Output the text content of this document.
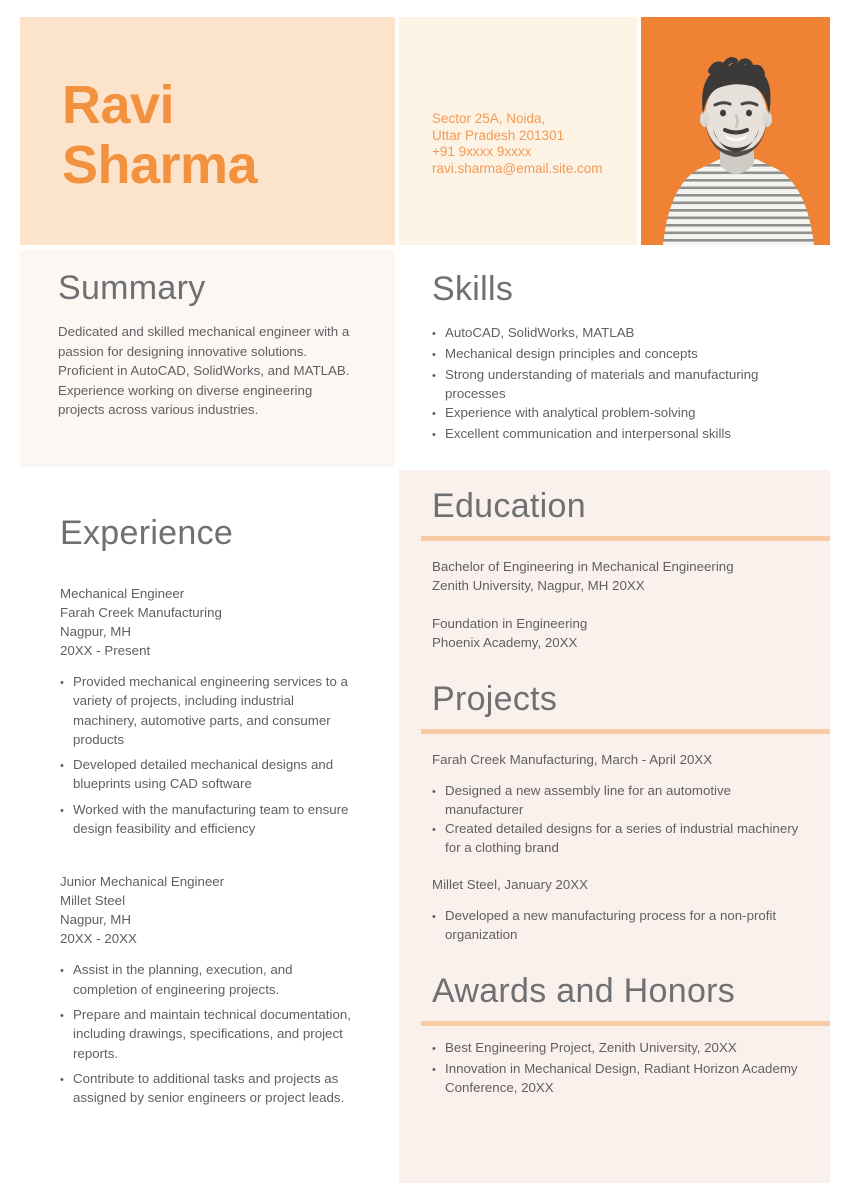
Ravi
Sharma
Sector 25A, Noida,
Uttar Pradesh 201301
+91 9xxxx 9xxxx
ravi.sharma@email.site.com
Summary

Dedicated and skilled mechanical engineer with a passion for designing innovative solutions. Proficient in AutoCAD, SolidWorks, and MATLAB. Experience working on diverse engineering projects across various industries.

Skills
•
AutoCAD, SolidWorks, MATLAB
•
Mechanical design principles and concepts
•
Strong understanding of materials and manufacturing processes
•
Experience with analytical problem-solving
•
Excellent communication and interpersonal skills
Experience
Mechanical Engineer
Farah Creek Manufacturing
Nagpur, MH
20XX - Present
•
Provided mechanical engineering services to a variety of projects, including industrial machinery, automotive parts, and consumer products
•
Developed detailed mechanical designs and blueprints using CAD software
•
Worked with the manufacturing team to ensure design feasibility and efficiency
Junior Mechanical Engineer
Millet Steel
Nagpur, MH
20XX - 20XX
•
Assist in the planning, execution, and completion of engineering projects.
•
Prepare and maintain technical documentation, including drawings, specifications, and project reports.
•
Contribute to additional tasks and projects as assigned by senior engineers or project leads.
Education
Bachelor of Engineering in Mechanical Engineering
Zenith University, Nagpur, MH 20XX
Foundation in Engineering
Phoenix Academy, 20XX
Projects
Farah Creek Manufacturing, March - April 20XX
•
Designed a new assembly line for an automotive manufacturer
•
Created detailed designs for a series of industrial machinery for a clothing brand
Millet Steel, January 20XX
•
Developed a new manufacturing process for a non-profit organization
Awards and Honors
•
Best Engineering Project, Zenith University, 20XX
•
Innovation in Mechanical Design, Radiant Horizon Academy Conference, 20XX
